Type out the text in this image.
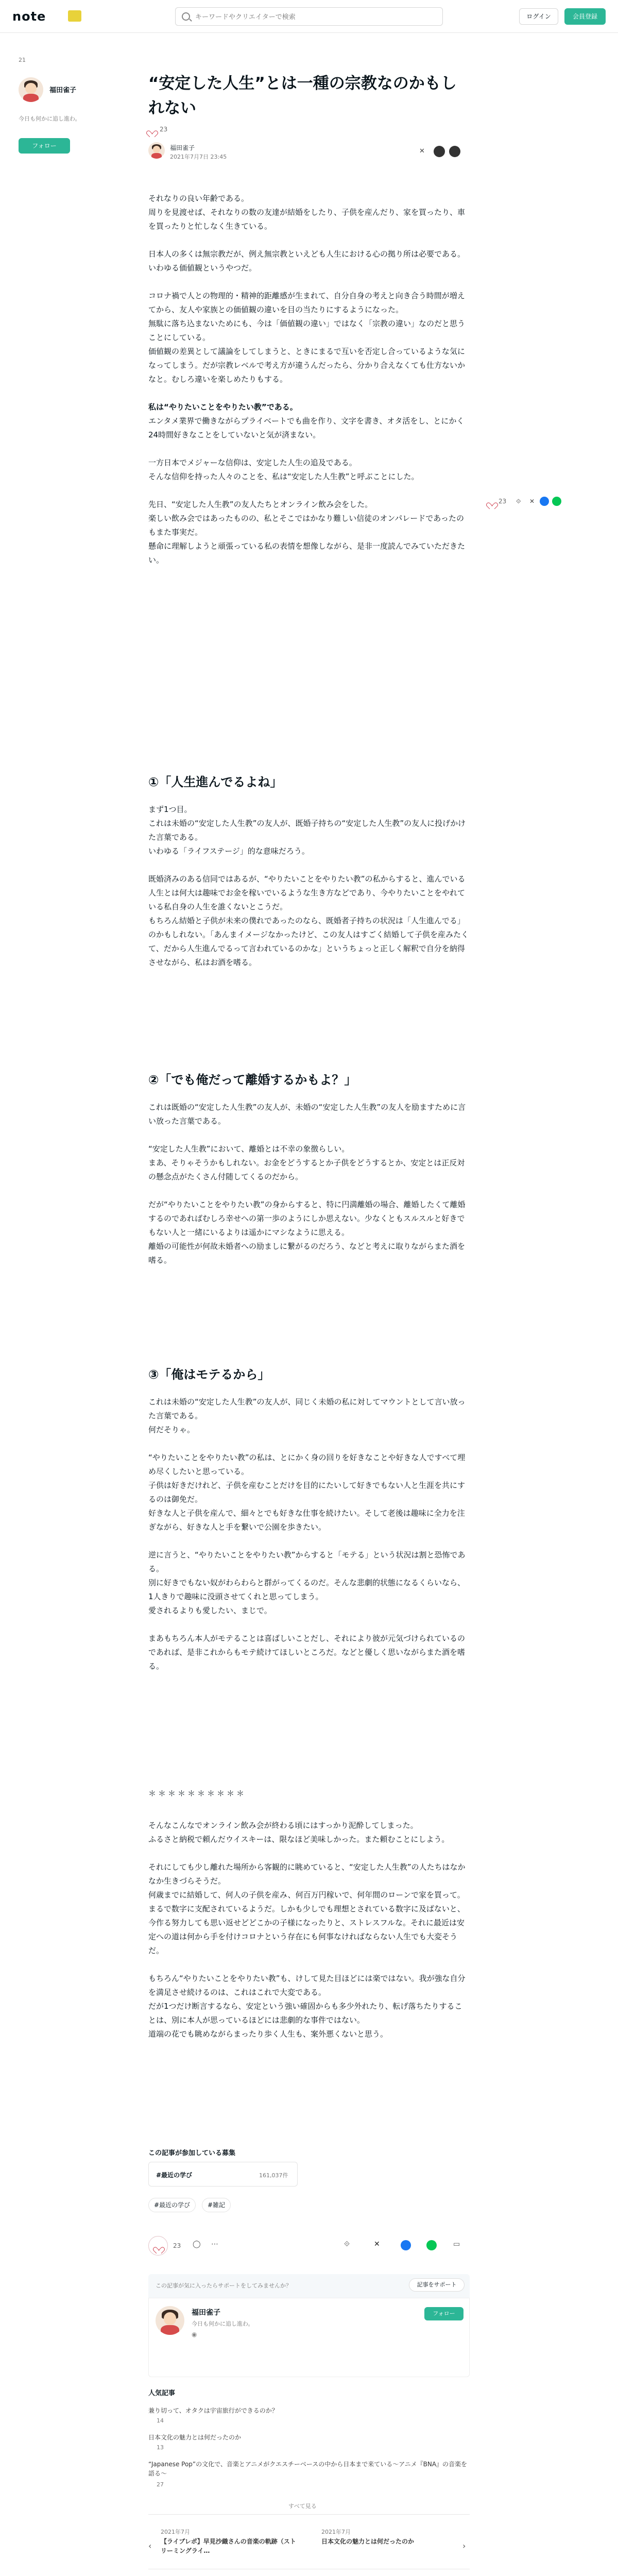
note
キーワードやクリエイターで検索	ログイン	会員登録
21
福田雀子
今日も何かに追し進わ。
フォロー
“安定した人生”とは一種の宗教なのかもしれない
23
福田雀子
2021年7月7日 23:45
✕

それなりの良い年齢である。

周りを見渡せば、それなりの数の友達が結婚をしたり、子供を産んだり、家を買ったり、車を買ったりと忙しなく生きている。

日本人の多くは無宗教だが、例え無宗教といえども人生における心の拠り所は必要である。

いわゆる価値観というやつだ。

コロナ禍で人との物理的・精神的距離感が生まれて、自分自身の考えと向き合う時間が増えてから、友人や家族との価値観の違いを目の当たりにするようになった。

無駄に落ち込まないためにも、今は「価値観の違い」ではなく「宗教の違い」なのだと思うことにしている。

価値観の差異として議論をしてしまうと、ときにまるで互いを否定し合っているような気になってしまう。だが宗教レベルで考え方が違うんだったら、分かり合えなくても仕方ないかなと。むしろ違いを楽しめたりもする。

私は“やりたいことをやりたい教”である。

エンタメ業界で働きながらプライベートでも曲を作り、文字を書き、オタ活をし、とにかく24時間好きなことをしていないと気が済まない。

一方日本でメジャーな信仰は、安定した人生の追及である。

そんな信仰を持った人々のことを、私は“安定した人生教”と呼ぶことにした。

先日、“安定した人生教”の友人たちとオンライン飲み会をした。

楽しい飲み会ではあったものの、私とそこではかなり難しい信徒のオンパレードであったのもまた事実だ。

懸命に理解しようと頑張っている私の表情を想像しながら、是非一度読んでみていただきたい。

23 ⟐ ✕
①「人生進んでるよね」

まず1つ目。

これは未婚の“安定した人生教”の友人が、既婚子持ちの“安定した人生教”の友人に投げかけた言葉である。

いわゆる「ライフステージ」的な意味だろう。

既婚済みのある信同ではあるが、“やりたいことをやりたい教”の私からすると、進んでいる人生とは何大は趣味でお金を稼いでいるような生き方などであり、今やりたいことをやれている私自身の人生を誰くないとこうだ。

もちろん結婚と子供が未来の僕れであったのなら、既婚者子持ちの状況は「人生進んでる」のかもしれない。「あんまイメージなかったけど、この友人はすごく結婚して子供を産みたくて、だから人生進んでるって言われているのかな」というちょっと正しく解釈で自分を納得させながら、私はお酒を嗜る。

②「でも俺だって離婚するかもよ？」

これは既婚の“安定した人生教”の友人が、未婚の“安定した人生教”の友人を励ますために言い放った言葉である。

“安定した人生教”において、離婚とは不幸の象徴らしい。

まあ、そりゃそうかもしれない。お金をどうするとか子供をどうするとか、安定とは正反対の懸念点がたくさん付随してくるのだから。

だが“やりたいことをやりたい教”の身からすると、特に円満離婚の場合、離婚したくて離婚するのであればむしろ幸せへの第一歩のようにしか思えない。少なくともスルスルと好きでもない人と一緒にいるよりは遥かにマシなように思える。

離婚の可能性が何故未婚者への励ましに繋がるのだろう、などと考えに取りながらまた酒を嗜る。

③「俺はモテるから」

これは未婚の“安定した人生教”の友人が、同じく未婚の私に対してマウントとして言い放った言葉である。

何だそりゃ。

“やりたいことをやりたい教”の私は、とにかく身の回りを好きなことや好きな人ですべて埋め尽くしたいと思っている。

子供は好きだけれど、子供を産むことだけを目的にたいして好きでもない人と生涯を共にするのは御免だ。

好きな人と子供を産んで、細々とでも好きな仕事を続けたい。そして老後は趣味に全力を注ぎながら、好きな人と手を繋いで公園を歩きたい。

逆に言うと、“やりたいことをやりたい教”からすると「モテる」という状況は割と恐怖である。

別に好きでもない奴がわらわらと群がってくるのだ。そんな悲劇的状態になるくらいなら、1人きりで趣味に没頭させてくれと思ってしまう。

愛されるよりも愛したい、まじで。

まあもちろん本人がモテることは喜ばしいことだし、それにより彼が元気づけられているのであれば、是非これからもモテ続けてほしいところだ。などと優しく思いながらまた酒を嗜る。

＊＊＊＊＊＊＊＊＊＊

そんなこんなでオンライン飲み会が終わる頃にはすっかり泥酔してしまった。

ふるさと納税で頼んだウイスキーは、限なほど美味しかった。また頼むことにしよう。

それにしても少し離れた場所から客観的に眺めていると、“安定した人生教”の人たちはなかなか生きづらそうだ。

何歳までに結婚して、何人の子供を産み、何百万円稼いで、何年間のローンで家を買って。まるで数字に支配されているようだ。しかも少しでも理想とされている数字に及ばないと、今作る努力しても思い返せどどこかの子様になったりと、ストレスフルな。それに最近は安定への道は何から手を付けコロナという存在にも何事なければならない人生でも大変そうだ。

もちろん“やりたいことをやりたい教”も、けして見た目ほどには楽ではない。我が強な自分を満足させ続けるのは、これはこれで大変である。

だが1つだけ断言するなら、安定という強い確固からも多少外れたり、転げ落ちたりすることは、別に本人が思っているほどには悲劇的な事件ではない。

道端の花でも眺めながらまったり歩く人生も、案外悪くないと思う。

この記事が参加している募集
#最近の学び	161,037件
#最近の学び	#雑記
23 ◯ ⋯	⟐	✕	▭
この記事が気に入ったらサポートをしてみませんか？	記事をサポート
福田雀子
今日も何かに追し進わ。
◉
フォロー
人気記事
兼り切って、オタクは宇宙旅行ができるのか？
14
日本文化の魅力とは何だったのか
13
“Japanese Pop”の文化で、音楽とアニメがクエスチーベースの中から日本まで来ている〜アニメ『BNA』の音楽を語る〜
27
すべて見る
‹
2021年7月
【ライブレポ】早見沙織さんの音楽の軌跡（ストリーミングライ…
2021年7月
日本文化の魅力とは何だったのか	›
